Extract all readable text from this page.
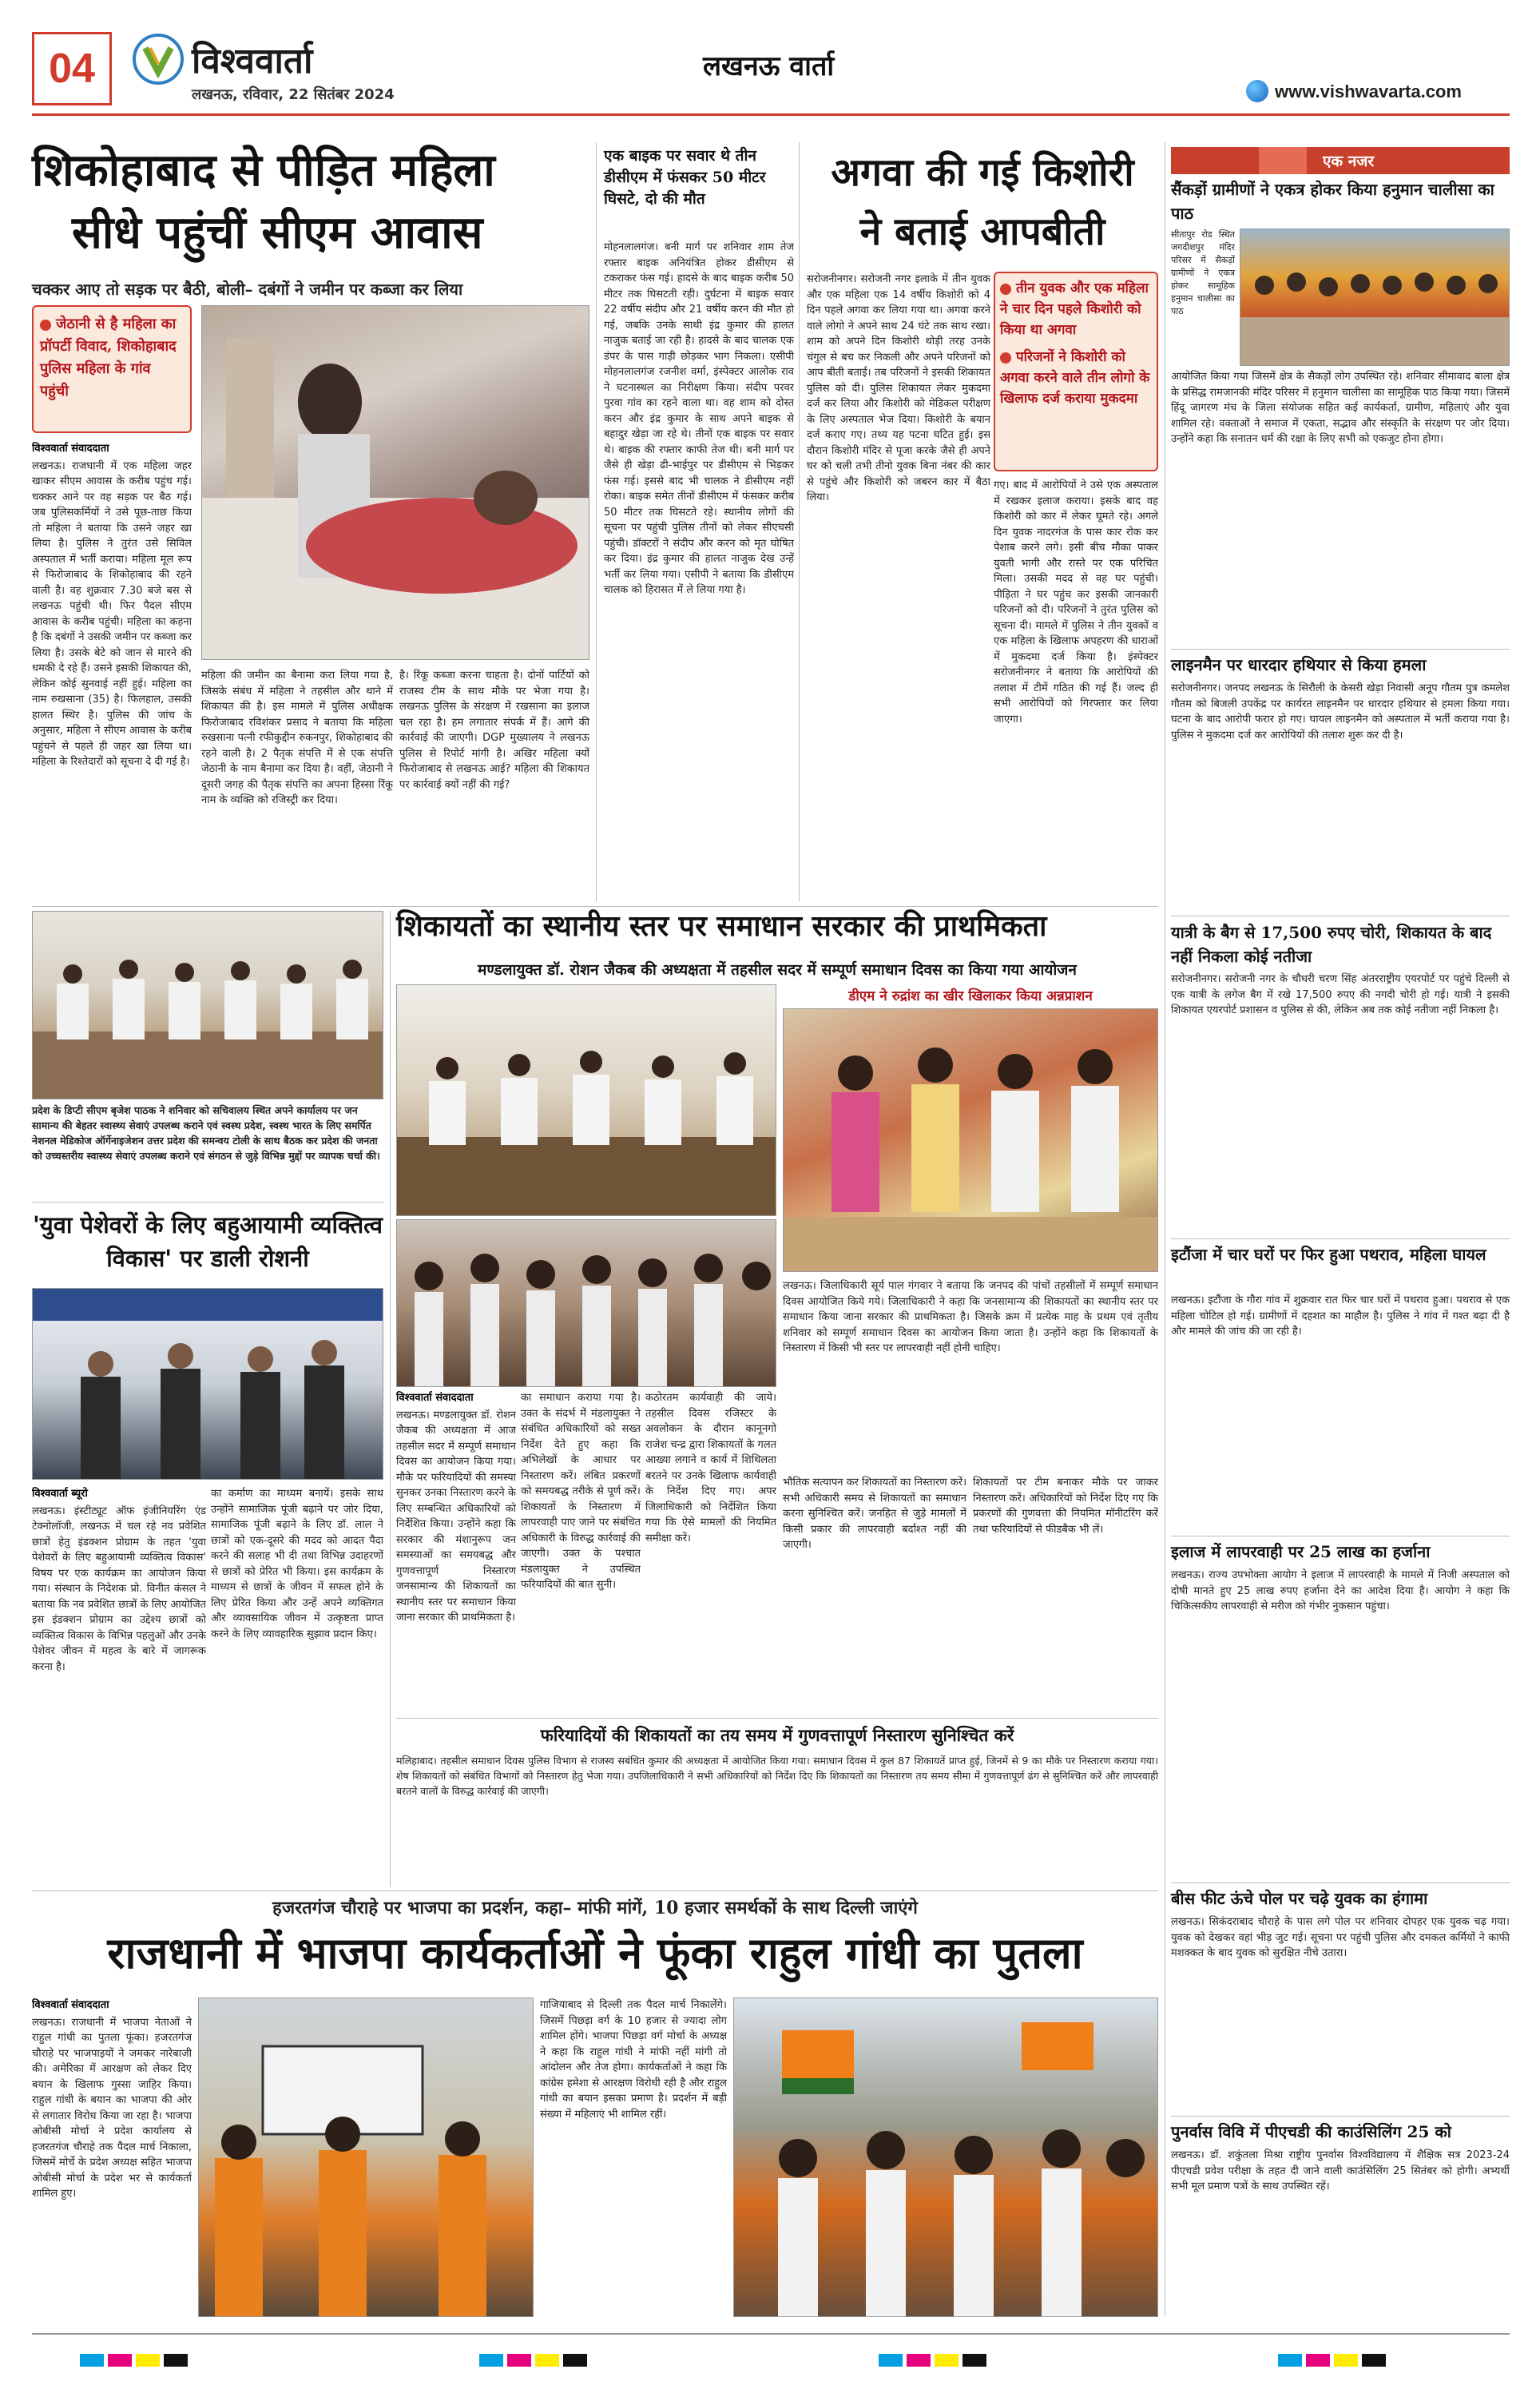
04	विश्ववार्ता
लखनऊ, रविवार, 22 सितंबर 2024
लखनऊ वार्ता
www.vishwavarta.com
शिकोहाबाद से पीड़ित महिला
सीधे पहुंचीं सीएम आवास
चक्कर आए तो सड़क पर बैठी, बोली– दबंगों ने जमीन पर कब्जा कर लिया
जेठानी से है महिला का प्रॉपर्टी विवाद, शिकोहाबाद पुलिस महिला के गांव पहुंची
विश्ववार्ता संवाददाता

लखनऊ। राजधानी में एक महिला जहर खाकर सीएम आवास के करीब पहुंच गई। चक्कर आने पर वह सड़क पर बैठ गई। जब पुलिसकर्मियों ने उसे पूछ-ताछ किया तो महिला ने बताया कि उसने जहर खा लिया है। पुलिस ने तुरंत उसे सिविल अस्पताल में भर्ती कराया। महिला मूल रूप से फिरोजाबाद के शिकोहाबाद की रहने वाली है। वह शुक्रवार 7.30 बजे बस से लखनऊ पहुंची थी। फिर पैदल सीएम आवास के करीब पहुंची। महिला का कहना है कि दबंगों ने उसकी जमीन पर कब्जा कर लिया है। उसके बेटे को जान से मारने की धमकी दे रहे हैं। उसने इसकी शिकायत की, लेकिन कोई सुनवाई नहीं हुई। महिला का नाम रुखसाना (35) है। फिलहाल, उसकी हालत स्थिर है। पुलिस की जांच के अनुसार, महिला ने सीएम आवास के करीब पहुंचने से पहले ही जहर खा लिया था। महिला के रिश्तेदारों को सूचना दे दी गई है।

महिला की जमीन का बैनामा करा लिया गया है, जिसके संबंध में महिला ने तहसील और थाने में शिकायत की है। इस मामले में पुलिस अधीक्षक फिरोजाबाद रविशंकर प्रसाद ने बताया कि महिला रुखसाना पत्नी रफीकुद्दीन रुकनपुर, शिकोहाबाद की रहने वाली है। 2 पैतृक संपत्ति में से एक संपत्ति जेठानी के नाम बैनामा कर दिया है। वहीं, जेठानी ने दूसरी जगह की पैतृक संपत्ति का अपना हिस्सा रिंकू नाम के व्यक्ति को रजिस्ट्री कर दिया।

है। रिंकू कब्जा करना चाहता है। दोनों पार्टियों को राजस्व टीम के साथ मौके पर भेजा गया है। लखनऊ पुलिस के संरक्षण में रखसाना का इलाज चल रहा है। हम लगातार संपर्क में हैं। आगे की कार्रवाई की जाएगी। DGP मुख्यालय ने लखनऊ पुलिस से रिपोर्ट मांगी है। अखिर महिला क्यों फिरोजाबाद से लखनऊ आई? महिला की शिकायत पर कार्रवाई क्यों नहीं की गई?

एक बाइक पर सवार थे तीन डीसीएम में फंसकर 50 मीटर घिसटे, दो की मौत

मोहनलालगंज। बनी मार्ग पर शनिवार शाम तेज रफ्तार बाइक अनियंत्रित होकर डीसीएम से टकराकर फंस गई। हादसे के बाद बाइक करीब 50 मीटर तक घिसटती रही। दुर्घटना में बाइक सवार 22 वर्षीय संदीप और 21 वर्षीय करन की मौत हो गई, जबकि उनके साथी इंद्र कुमार की हालत नाजुक बताई जा रही है। हादसे के बाद चालक एक डंपर के पास गाड़ी छोड़कर भाग निकला। एसीपी मोहनलालगंज रजनीश वर्मा, इंस्पेक्टर आलोक राव ने घटनास्थल का निरीक्षण किया। संदीप परवर पुरवा गांव का रहने वाला था। वह शाम को दोस्त करन और इंद्र कुमार के साथ अपने बाइक से बहादुर खेड़ा जा रहे थे। तीनों एक बाइक पर सवार थे। बाइक की रफ्तार काफी तेज थी। बनी मार्ग पर जैसे ही खेड़ा ढी-भाईपुर पर डीसीएम से भिड़कर फंस गई। इससे बाद भी चालक ने डीसीएम नहीं रोका। बाइक समेत तीनों डीसीएम में फंसकर करीब 50 मीटर तक घिसटते रहे। स्थानीय लोगों की सूचना पर पहुंची पुलिस तीनों को लेकर सीएचसी पहुंची। डॉक्टरों ने संदीप और करन को मृत घोषित कर दिया। इंद्र कुमार की हालत नाजुक देख उन्हें भर्ती कर लिया गया। एसीपी ने बताया कि डीसीएम चालक को हिरासत में ले लिया गया है।

अगवा की गई किशोरी
ने बताई आपबीती

सरोजनीनगर। सरोजनी नगर इलाके में तीन युवक और एक महिला एक 14 वर्षीय किशोरी को 4 दिन पहले अगवा कर लिया गया था। अगवा करने वाले लोगो ने अपने साथ 24 घंटे तक साथ रखा। शाम को अपने दिन किशोरी थोड़ी तरह उनके चंगुल से बच कर निकली और अपने परिजनों को आप बीती बताई। तब परिजनों ने इसकी शिकायत पुलिस को दी। पुलिस शिकायत लेकर मुकदमा दर्ज कर लिया और किशोरी को मेडिकल परीक्षण के लिए अस्पताल भेज दिया। किशोरी के बयान दर्ज कराए गए। तथ्य यह पटना घटित हुई। इस दौरान किशोरी मंदिर से पूजा करके जैसे ही अपने घर को चली तभी तीनो युवक बिना नंबर की कार से पहुंचे और किशोरी को जबरन कार में बैठा लिया।

तीन युवक और एक महिला ने चार दिन पहले किशोरी को किया था अगवा
परिजनों ने किशोरी को अगवा करने वाले तीन लोगो के खिलाफ दर्ज कराया मुकदमा

गए। बाद में आरोपियों ने उसे एक अस्पताल में रखकर इलाज कराया। इसके बाद वह किशोरी को कार में लेकर घूमते रहे। अगले दिन युवक नादरगंज के पास कार रोक कर पेशाब करने लगे। इसी बीच मौका पाकर युवती भागी और रास्ते पर एक परिचित मिला। उसकी मदद से वह घर पहुंची। पीड़िता ने घर पहुंच कर इसकी जानकारी परिजनों को दी। परिजनों ने तुरंत पुलिस को सूचना दी। मामले में पुलिस ने तीन युवकों व एक महिला के खिलाफ अपहरण की धाराओं में मुकदमा दर्ज किया है। इंस्पेक्टर सरोजनीनगर ने बताया कि आरोपियों की तलाश में टीमें गठित की गई हैं। जल्द ही सभी आरोपियों को गिरफ्तार कर लिया जाएगा।

एक नजर
सैंकड़ों ग्रामीणों ने एकत्र होकर किया हनुमान चालीसा का पाठ

सीतापुर रोड स्थित जगदीशपुर मंदिर परिसर में सैकड़ों ग्रामीणों ने एकत्र होकर सामूहिक हनुमान चालीसा का पाठ

आयोजित किया गया जिसमें क्षेत्र के सैकड़ों लोग उपस्थित रहे। शनिवार सीमावाद बाला क्षेत्र के प्रसिद्ध रामजानकी मंदिर परिसर में हनुमान चालीसा का सामूहिक पाठ किया गया। जिसमें हिंदू जागरण मंच के जिला संयोजक सहित कई कार्यकर्ता, ग्रामीण, महिलाएं और युवा शामिल रहे। वक्ताओं ने समाज में एकता, सद्भाव और संस्कृति के संरक्षण पर जोर दिया। उन्होंने कहा कि सनातन धर्म की रक्षा के लिए सभी को एकजुट होना होगा।

लाइनमैन पर धारदार हथियार से किया हमला

सरोजनीनगर। जनपद लखनऊ के सिरौली के केसरी खेड़ा निवासी अनूप गौतम पुत्र कमलेश गौतम को बिजली उपकेंद्र पर कार्यरत लाइनमैन पर धारदार हथियार से हमला किया गया। घटना के बाद आरोपी फरार हो गए। घायल लाइनमैन को अस्पताल में भर्ती कराया गया है। पुलिस ने मुकदमा दर्ज कर आरोपियों की तलाश शुरू कर दी है।

यात्री के बैग से 17,500 रुपए चोरी, शिकायत के बाद नहीं निकला कोई नतीजा

सरोजनीनगर। सरोजनी नगर के चौधरी चरण सिंह अंतरराष्ट्रीय एयरपोर्ट पर पहुंचे दिल्ली से एक यात्री के लगेज बैग में रखे 17,500 रुपए की नगदी चोरी हो गई। यात्री ने इसकी शिकायत एयरपोर्ट प्रशासन व पुलिस से की, लेकिन अब तक कोई नतीजा नहीं निकला है।

इटौंजा में चार घरों पर फिर हुआ पथराव, महिला घायल

लखनऊ। इटौंजा के गौरा गांव में शुक्रवार रात फिर चार घरों में पथराव हुआ। पथराव से एक महिला चोटिल हो गई। ग्रामीणों में दहशत का माहौल है। पुलिस ने गांव में गश्त बढ़ा दी है और मामले की जांच की जा रही है।

इलाज में लापरवाही पर 25 लाख का हर्जाना

लखनऊ। राज्य उपभोक्ता आयोग ने इलाज में लापरवाही के मामले में निजी अस्पताल को दोषी मानते हुए 25 लाख रुपए हर्जाना देने का आदेश दिया है। आयोग ने कहा कि चिकित्सकीय लापरवाही से मरीज को गंभीर नुकसान पहुंचा।

बीस फीट ऊंचे पोल पर चढ़े युवक का हंगामा

लखनऊ। सिकंदराबाद चौराहे के पास लगे पोल पर शनिवार दोपहर एक युवक चढ़ गया। युवक को देखकर वहां भीड़ जुट गई। सूचना पर पहुंची पुलिस और दमकल कर्मियों ने काफी मशक्कत के बाद युवक को सुरक्षित नीचे उतारा।

पुनर्वास विवि में पीएचडी की काउंसिलिंग 25 को

लखनऊ। डॉ. शकुंतला मिश्रा राष्ट्रीय पुनर्वास विश्वविद्यालय में शैक्षिक सत्र 2023-24 पीएचडी प्रवेश परीक्षा के तहत दी जाने वाली काउंसिलिंग 25 सितंबर को होगी। अभ्यर्थी सभी मूल प्रमाण पत्रों के साथ उपस्थित रहें।

प्रदेश के डिप्टी सीएम बृजेश पाठक ने शनिवार को सचिवालय स्थित अपने कार्यालय पर जन सामान्य की बेहतर स्वास्थ्य सेवाएं उपलब्ध कराने एवं स्वस्थ प्रदेश, स्वस्थ भारत के लिए समर्पित नेशनल मेडिकोज ऑर्गेनाइजेशन उत्तर प्रदेश की समन्वय टोली के साथ बैठक कर प्रदेश की जनता को उच्चस्तरीय स्वास्थ्य सेवाएं उपलब्ध कराने एवं संगठन से जुड़े विभिन्न मुद्दों पर व्यापक चर्चा की।
'युवा पेशेवरों के लिए बहुआयामी व्यक्तित्व विकास' पर डाली रोशनी
विश्ववार्ता ब्यूरो

लखनऊ। इंस्टीट्यूट ऑफ इंजीनियरिंग एंड टेक्नोलॉजी, लखनऊ में चल रहे नव प्रवेशित छात्रों हेतु इंडक्शन प्रोग्राम के तहत 'युवा पेशेवरों के लिए बहुआयामी व्यक्तित्व विकास' विषय पर एक कार्यक्रम का आयोजन किया गया। संस्थान के निदेशक प्रो. विनीत कंसल ने बताया कि नव प्रवेशित छात्रों के लिए आयोजित इस इंडक्शन प्रोग्राम का उद्देश्य छात्रों को व्यक्तित्व विकास के विभिन्न पहलुओं और उनके पेशेवर जीवन में महत्व के बारे में जागरूक करना है।

का कर्माण का माध्यम बनायें। इसके साथ उन्होंने सामाजिक पूंजी बढ़ाने पर जोर दिया, सामाजिक पूंजी बढ़ाने के लिए डॉ. लाल ने छात्रों को एक-दूसरे की मदद को आदत पैदा करने की सलाह भी दी तथा विभिन्न उदाहरणों से छात्रों को प्रेरित भी किया। इस कार्यक्रम के माध्यम से छात्रों के जीवन में सफल होने के लिए प्रेरित किया और उन्हें अपने व्यक्तिगत और व्यावसायिक जीवन में उत्कृष्टता प्राप्त करने के लिए व्यावहारिक सुझाव प्रदान किए।

शिकायतों का स्थानीय स्तर पर समाधान सरकार की प्राथमिकता
मण्डलायुक्त डॉ. रोशन जैकब की अध्यक्षता में तहसील सदर में सम्पूर्ण समाधान दिवस का किया गया आयोजन
डीएम ने रुद्रांश का खीर खिलाकर किया अन्नप्राशन
विश्ववार्ता संवाददाता

लखनऊ। मण्डलायुक्त डॉ. रोशन जैकब की अध्यक्षता में आज तहसील सदर में सम्पूर्ण समाधान दिवस का आयोजन किया गया। मौके पर फरियादियों की समस्या सुनकर उनका निस्तारण करने के लिए सम्बन्धित अधिकारियों को निर्देशित किया। उन्होंने कहा कि सरकार की मंशानुरूप जन समस्याओं का समयबद्ध और गुणवत्तापूर्ण निस्तारण जनसामान्य की शिकायतों का स्थानीय स्तर पर समाधान किया जाना सरकार की प्राथमिकता है।

का समाधान कराया गया है। उक्त के संदर्भ में मंडलायुक्त ने संबंधित अधिकारियों को सख्त निर्देश देते हुए कहा कि अभिलेखों के आधार पर निस्तारण करें। लंबित प्रकरणों को समयबद्ध तरीके से पूर्ण करें। शिकायतों के निस्तारण में लापरवाही पाए जाने पर संबंधित अधिकारी के विरुद्ध कार्रवाई की जाएगी। उक्त के पश्चात मंडलायुक्त ने उपस्थित फरियादियों की बात सुनी।

कठोरतम कार्यवाही की जाये। तहसील दिवस रजिस्टर के अवलोकन के दौरान कानूनगो राजेश चन्द्र द्वारा शिकायतों के गलत आख्या लगाने व कार्य में शिथिलता बरतने पर उनके खिलाफ कार्यवाही के निर्देश दिए गए। अपर जिलाधिकारी को निर्देशित किया गया कि ऐसे मामलों की नियमित समीक्षा करें।

लखनऊ। जिलाधिकारी सूर्य पाल गंगवार ने बताया कि जनपद की पांचों तहसीलों में सम्पूर्ण समाधान दिवस आयोजित किये गये। जिलाधिकारी ने कहा कि जनसामान्य की शिकायतों का स्थानीय स्तर पर समाधान किया जाना सरकार की प्राथमिकता है। जिसके क्रम में प्रत्येक माह के प्रथम एवं तृतीय शनिवार को सम्पूर्ण समाधान दिवस का आयोजन किया जाता है। उन्होंने कहा कि शिकायतों के निस्तारण में किसी भी स्तर पर लापरवाही नहीं होनी चाहिए।

भौतिक सत्यापन कर शिकायतों का निस्तारण करें। सभी अधिकारी समय से शिकायतों का समाधान करना सुनिश्चित करें। जनहित से जुड़े मामलों में किसी प्रकार की लापरवाही बर्दाश्त नहीं की जाएगी।

शिकायतों पर टीम बनाकर मौके पर जाकर निस्तारण करें। अधिकारियों को निर्देश दिए गए कि प्रकरणों की गुणवत्ता की नियमित मॉनीटरिंग करें तथा फरियादियों से फीडबैक भी लें।

फरियादियों की शिकायतों का तय समय में गुणवत्तापूर्ण निस्तारण सुनिश्चित करें

मलिहाबाद। तहसील समाधान दिवस पुलिस विभाग से राजस्व सबंधित कुमार की अध्यक्षता में आयोजित किया गया। समाधान दिवस में कुल 87 शिकायतें प्राप्त हुई, जिनमें से 9 का मौके पर निस्तारण कराया गया। शेष शिकायतों को संबंधित विभागों को निस्तारण हेतु भेजा गया। उपजिलाधिकारी ने सभी अधिकारियों को निर्देश दिए कि शिकायतों का निस्तारण तय समय सीमा में गुणवत्तापूर्ण ढंग से सुनिश्चित करें और लापरवाही बरतने वालों के विरुद्ध कार्रवाई की जाएगी।

हजरतगंज चौराहे पर भाजपा का प्रदर्शन, कहा– मांफी मांगें, 10 हजार समर्थकों के साथ दिल्ली जाएंगे
राजधानी में भाजपा कार्यकर्ताओं ने फूंका राहुल गांधी का पुतला
विश्ववार्ता संवाददाता

लखनऊ। राजधानी में भाजपा नेताओं ने राहुल गांधी का पुतला फूंका। हजरतगंज चौराहे पर भाजपाइयों ने जमकर नारेबाजी की। अमेरिका में आरक्षण को लेकर दिए बयान के खिलाफ गुस्सा जाहिर किया। राहुल गांधी के बयान का भाजपा की ओर से लगातार विरोध किया जा रहा है। भाजपा ओबीसी मोर्चा ने प्रदेश कार्यालय से हजरतगंज चौराहे तक पैदल मार्च निकाला, जिसमें मोर्चे के प्रदेश अध्यक्ष सहित भाजपा ओबीसी मोर्चा के प्रदेश भर से कार्यकर्ता शामिल हुए।

गाजियाबाद से दिल्ली तक पैदल मार्च निकालेंगे। जिसमें पिछड़ा वर्ग के 10 हजार से ज्यादा लोग शामिल होंगे। भाजपा पिछड़ा वर्ग मोर्चा के अध्यक्ष ने कहा कि राहुल गांधी ने मांफी नहीं मांगी तो आंदोलन और तेज होगा। कार्यकर्ताओं ने कहा कि कांग्रेस हमेशा से आरक्षण विरोधी रही है और राहुल गांधी का बयान इसका प्रमाण है। प्रदर्शन में बड़ी संख्या में महिलाएं भी शामिल रहीं।
